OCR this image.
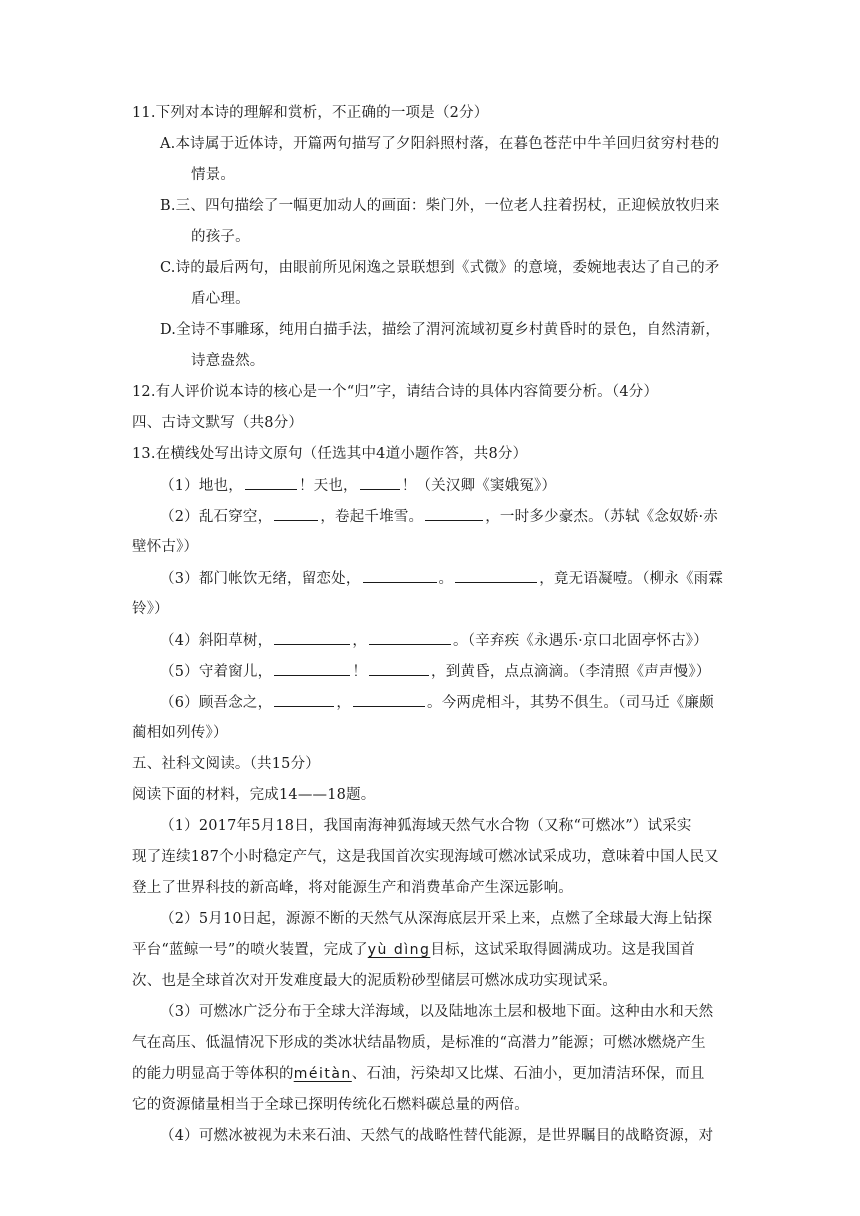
11.下列对本诗的理解和赏析，不正确的一项是（2分）
A.本诗属于近体诗，开篇两句描写了夕阳斜照村落，在暮色苍茫中牛羊回归贫穷村巷的
情景。
B.三、四句描绘了一幅更加动人的画面：柴门外，一位老人拄着拐杖，正迎候放牧归来
的孩子。
C.诗的最后两句，由眼前所见闲逸之景联想到《式微》的意境，委婉地表达了自己的矛
盾心理。
D.全诗不事雕琢，纯用白描手法，描绘了渭河流域初夏乡村黄昏时的景色，自然清新，
诗意盎然。
12.有人评价说本诗的核心是一个“归”字，请结合诗的具体内容简要分析。（4分）
四、古诗文默写（共8分）
13.在横线处写出诗文原句（任选其中4道小题作答，共8分）
（1）地也，	！天也，	！（关汉卿《窦娥冤》）
（2）乱石穿空，	，卷起千堆雪。	，一时多少豪杰。（苏轼《念奴娇·赤
壁怀古》）
（3）都门帐饮无绪，留恋处，	。	，竟无语凝噎。（柳永《雨霖
铃》）
（4）斜阳草树，	，	。（辛弃疾《永遇乐·京口北固亭怀古》）
（5）守着窗儿，	！	，到黄昏，点点滴滴。（李清照《声声慢》）
（6）顾吾念之，	，	。今两虎相斗，其势不俱生。（司马迁《廉颇
蔺相如列传》）
五、社科文阅读。（共15分）
阅读下面的材料，完成14——18题。
（1）2017年5月18日，我国南海神狐海域天然气水合物（又称“可燃冰”）试采实
现了连续187个小时稳定产气，这是我国首次实现海域可燃冰试采成功，意味着中国人民又
登上了世界科技的新高峰，将对能源生产和消费革命产生深远影响。
（2）5月10日起，源源不断的天然气从深海底层开采上来，点燃了全球最大海上钻探
平台“蓝鲸一号”的喷火装置，完成了yù dìng目标，这试采取得圆满成功。这是我国首
次、也是全球首次对开发难度最大的泥质粉砂型储层可燃冰成功实现试采。
（3）可燃冰广泛分布于全球大洋海域，以及陆地冻土层和极地下面。这种由水和天然
气在高压、低温情况下形成的类冰状结晶物质，是标准的“高潜力”能源；可燃冰燃烧产生
的能力明显高于等体积的méitàn、石油，污染却又比煤、石油小，更加清洁环保，而且
它的资源储量相当于全球已探明传统化石燃料碳总量的两倍。
（4）可燃冰被视为未来石油、天然气的战略性替代能源，是世界瞩目的战略资源，对
